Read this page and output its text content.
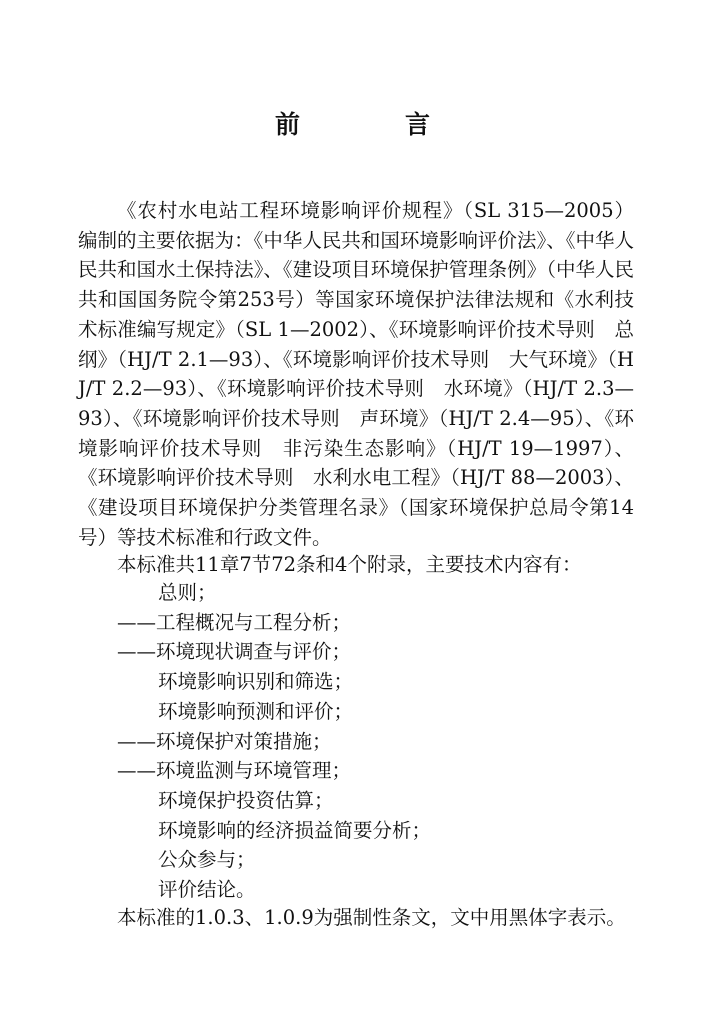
前　言

《农村水电站工程环境影响评价规程》（SL 315—2005）编制的主要依据为：《中华人民共和国环境影响评价法》、《中华人民共和国水土保持法》、《建设项目环境保护管理条例》（中华人民共和国国务院令第253号）等国家环境保护法律法规和《水利技术标准编写规定》（SL 1—2002）、《环境影响评价技术导则　总纲》（HJ/T 2.1—93）、《环境影响评价技术导则　大气环境》（HJ/T 2.2—93）、《环境影响评价技术导则　水环境》（HJ/T 2.3—93）、《环境影响评价技术导则　声环境》（HJ/T 2.4—95）、《环境影响评价技术导则　非污染生态影响》（HJ/T 19—1997）、《环境影响评价技术导则　水利水电工程》（HJ/T 88—2003）、《建设项目环境保护分类管理名录》（国家环境保护总局令第14号）等技术标准和行政文件。

本标准共11章7节72条和4个附录，主要技术内容有：

总则；
——工程概况与工程分析；
——环境现状调查与评价；
环境影响识别和筛选；
环境影响预测和评价；
——环境保护对策措施；
——环境监测与环境管理；
环境保护投资估算；
环境影响的经济损益简要分析；
公众参与；
评价结论。

本标准的1.0.3、1.0.9为强制性条文，文中用黑体字表示。
